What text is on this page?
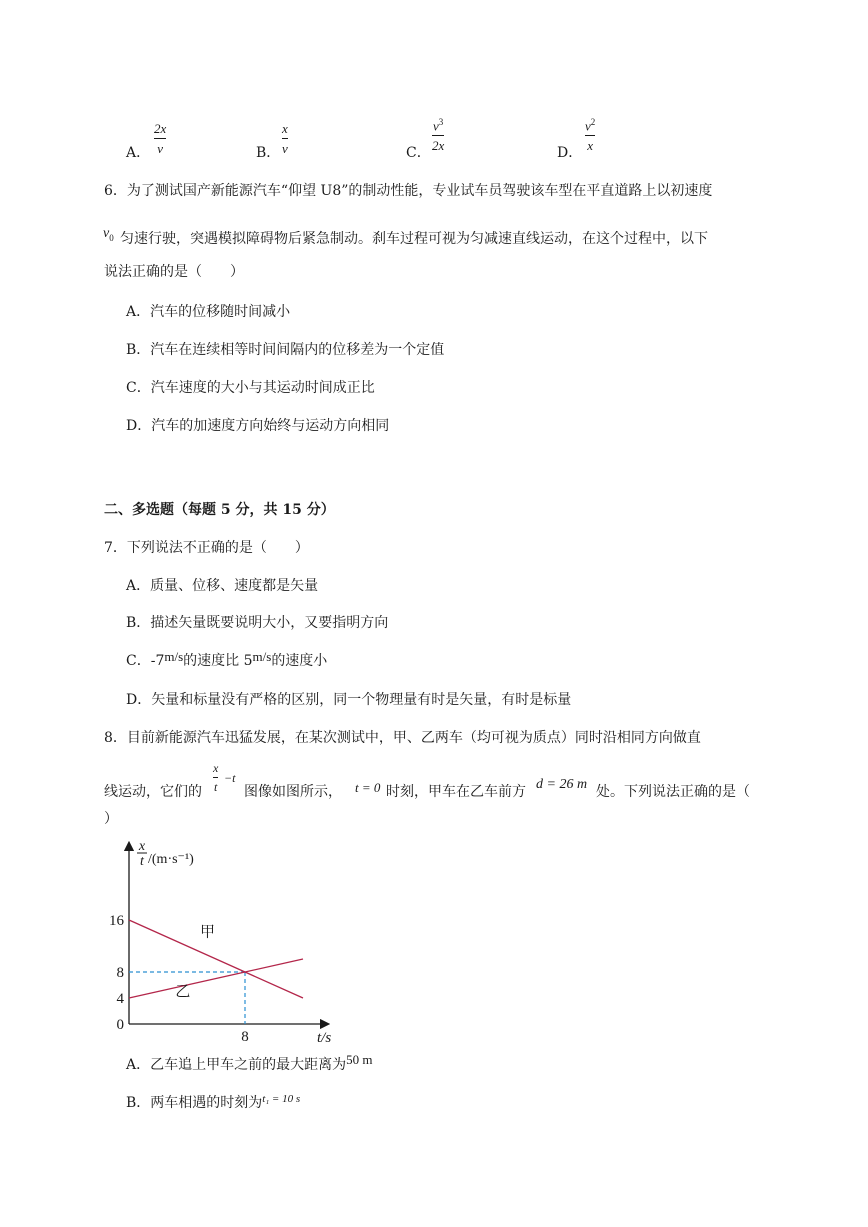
A．
2x
v	B．
x
v	C．
$v^3$
2x	D．
$v^2$
x
6．为了测试国产新能源汽车“仰望 U8”的制动性能，专业试车员驾驶该车型在平直道路上以初速度
$v_0$ 匀速行驶，突遇模拟障碍物后紧急制动。刹车过程可视为匀减速直线运动，在这个过程中，以下
说法正确的是（　　）
A．汽车的位移随时间减小
B．汽车在连续相等时间间隔内的位移差为一个定值
C．汽车速度的大小与其运动时间成正比
D．汽车的加速度方向始终与运动方向相同
二、多选题（每题 5 分，共 15 分）
7．下列说法不正确的是（　　）
A．质量、位移、速度都是矢量
B．描述矢量既要说明大小，又要指明方向
C．-7m/s的速度比 5m/s的速度小
D．矢量和标量没有严格的区别，同一个物理量有时是矢量，有时是标量
8．目前新能源汽车迅猛发展，在某次测试中，甲、乙两车（均可视为质点）同时沿相同方向做直
线运动，它们的
x
t
−t
图像如图所示， t = 0 时刻，甲车在乙车前方 d = 26 m 处。下列说法正确的是（
）
甲
乙
16
8
4
0
8	t/s
x
t /(m·s⁻¹)
A．乙车追上甲车之前的最大距离为50 m
B．两车相遇的时刻为$^{t_1 = 10 s}$
